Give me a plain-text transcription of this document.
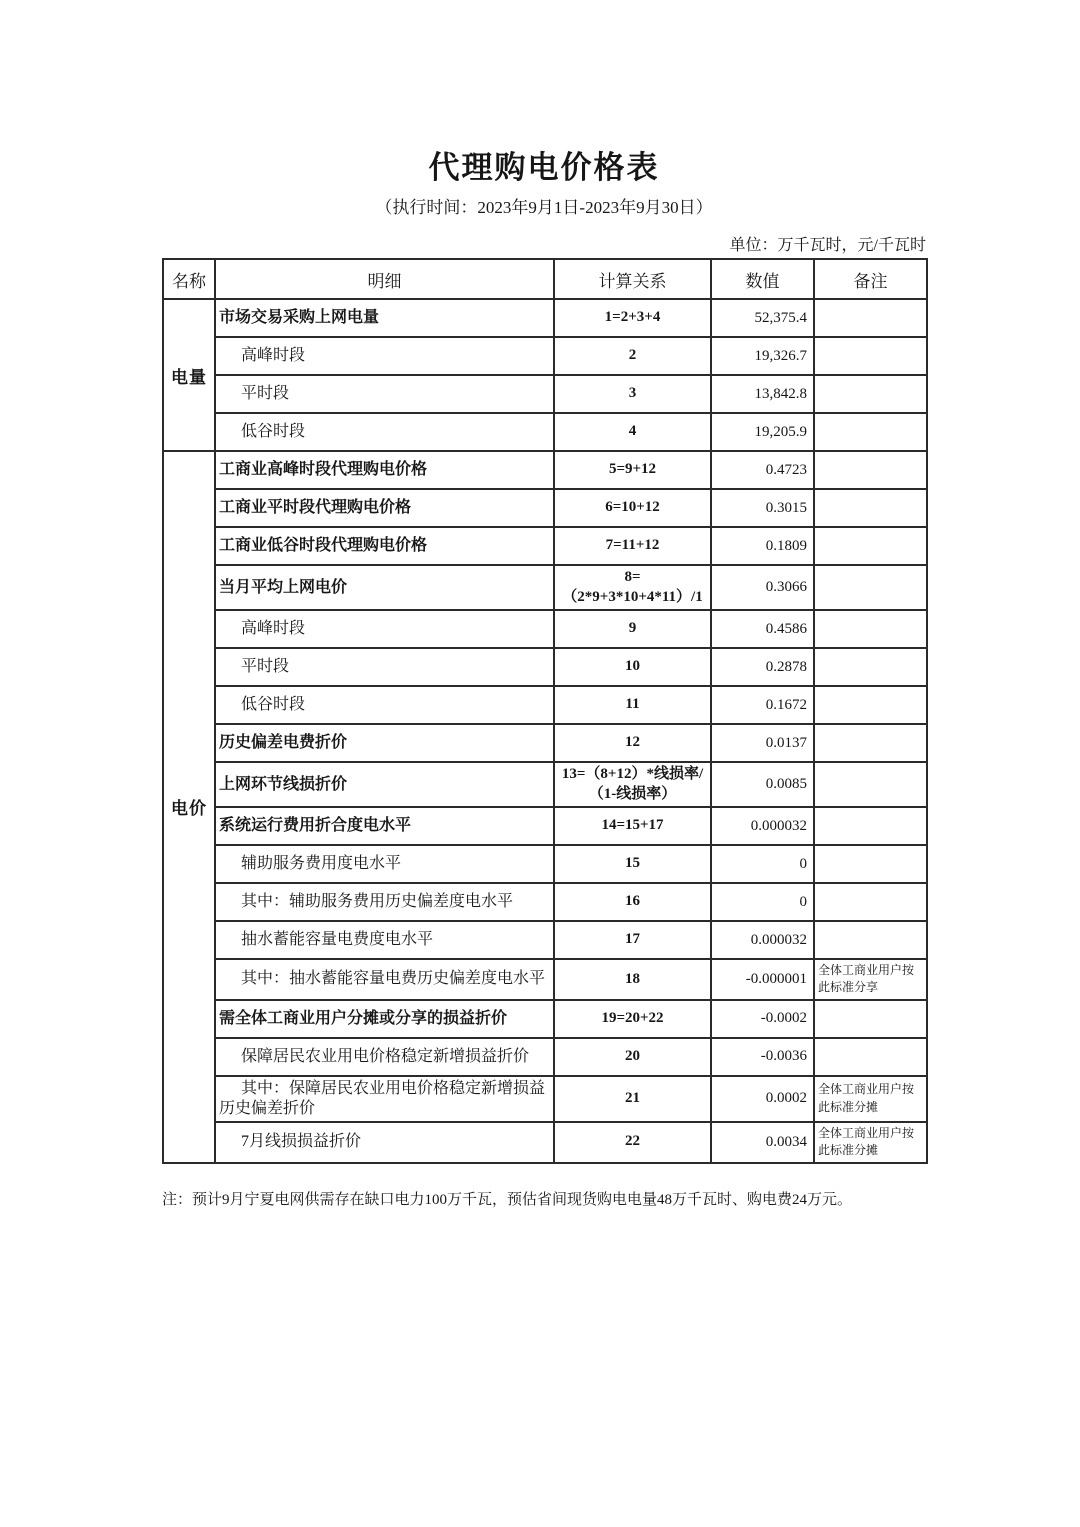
代理购电价格表
（执行时间：2023年9月1日-2023年9月30日）
单位：万千瓦时，元/千瓦时
名称	明细	计算关系	数值	备注
电量	市场交易采购上网电量	1=2+3+4	52,375.4	
	高峰时段	2	19,326.7	
	平时段	3	13,842.8	
	低谷时段	4	19,205.9	
电价	工商业高峰时段代理购电价格	5=9+12	0.4723	
	工商业平时段代理购电价格	6=10+12	0.3015	
	工商业低谷时段代理购电价格	7=11+12	0.1809	
	当月平均上网电价	8=（2*9+3*10+4*11）/1	0.3066	
	高峰时段	9	0.4586	
	平时段	10	0.2878	
	低谷时段	11	0.1672	
	历史偏差电费折价	12	0.0137	
	上网环节线损折价	13=（8+12）*线损率/（1-线损率）	0.0085	
	系统运行费用折合度电水平	14=15+17	0.000032	
	辅助服务费用度电水平	15	0	
	其中：辅助服务费用历史偏差度电水平	16	0	
	抽水蓄能容量电费度电水平	17	0.000032	
	其中：抽水蓄能容量电费历史偏差度电水平	18	-0.000001	全体工商业用户按此标准分享
	需全体工商业用户分摊或分享的损益折价	19=20+22	-0.0002	
	保障居民农业用电价格稳定新增损益折价	20	-0.0036	
	其中：保障居民农业用电价格稳定新增损益历史偏差折价	21	0.0002	全体工商业用户按此标准分摊
	7月线损损益折价	22	0.0034	全体工商业用户按此标准分摊
注：预计9月宁夏电网供需存在缺口电力100万千瓦，预估省间现货购电电量48万千瓦时、购电费24万元。
